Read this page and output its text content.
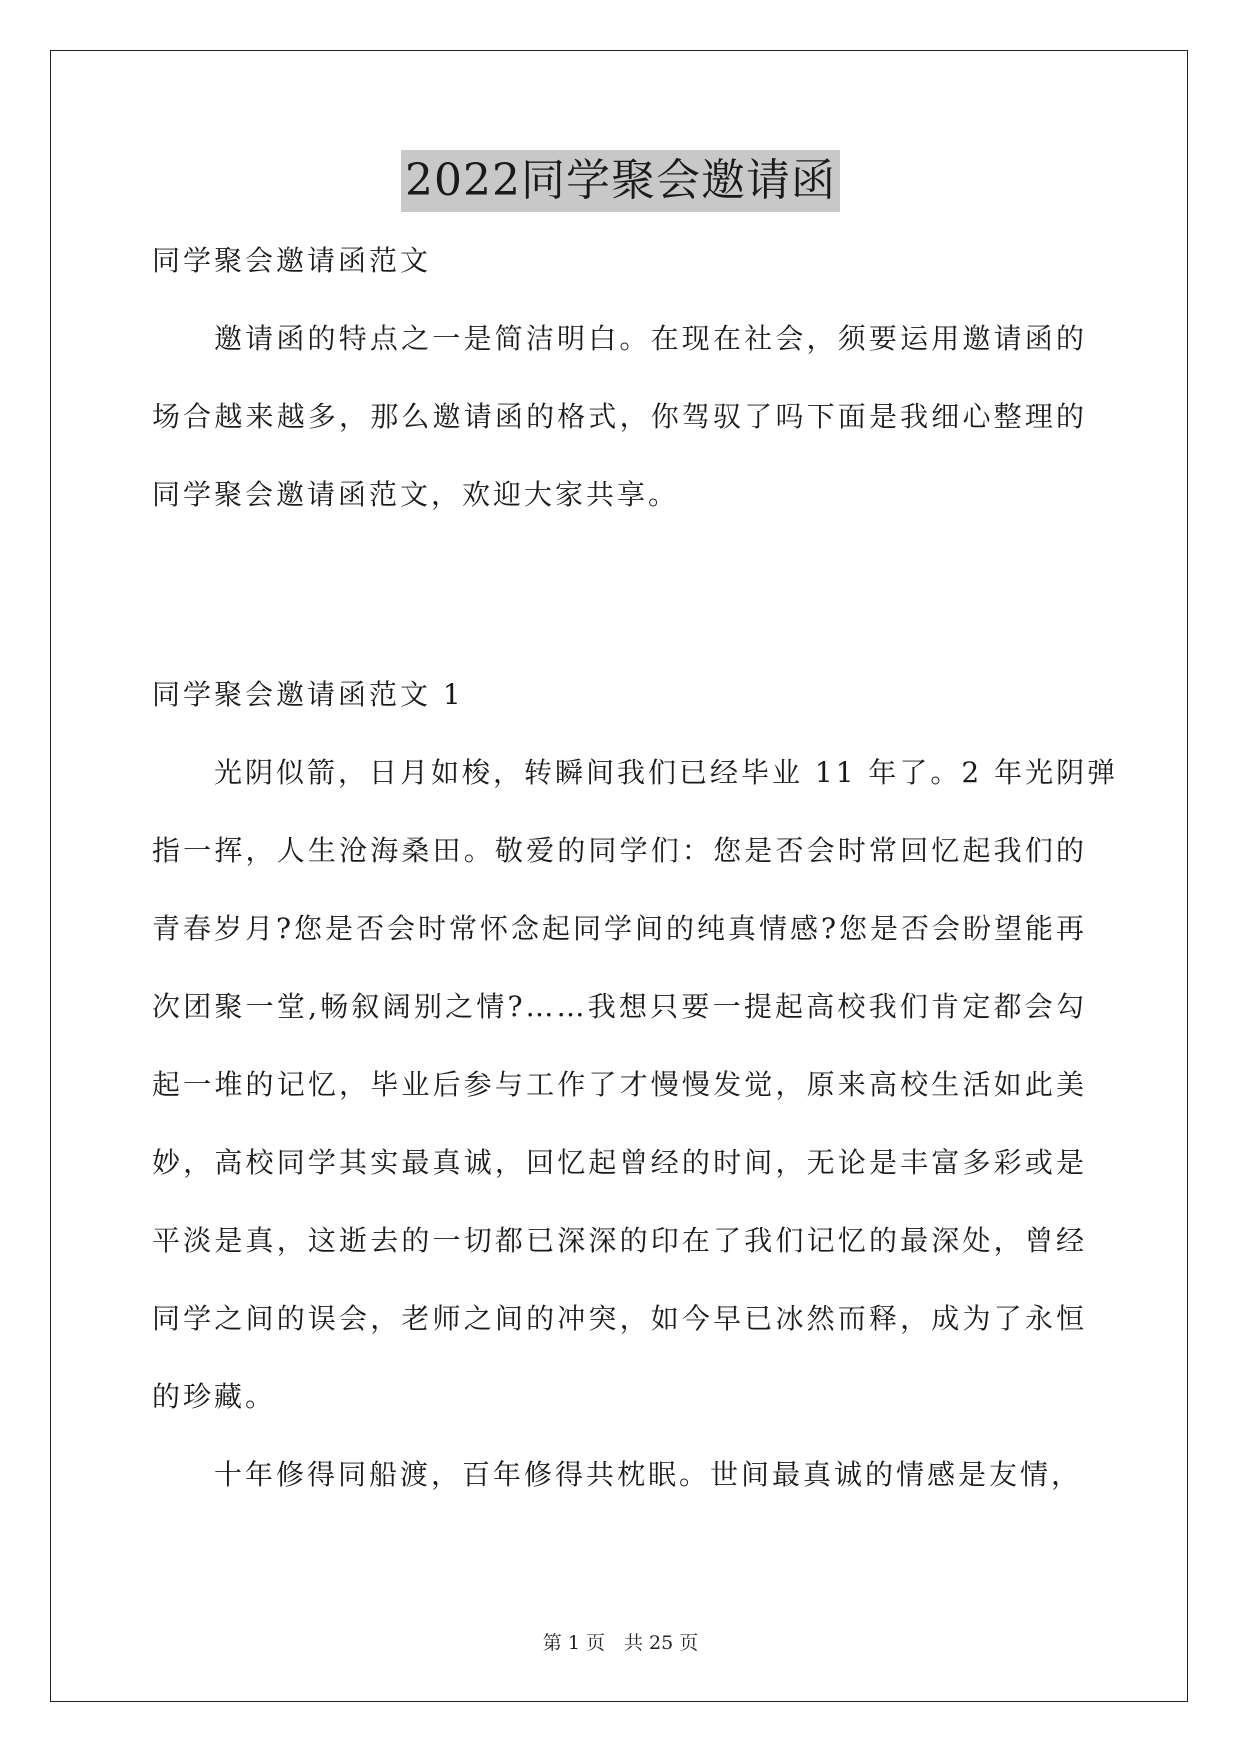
2022同学聚会邀请函
同学聚会邀请函范文
邀请函的特点之一是简洁明白。在现在社会，须要运用邀请函的
场合越来越多，那么邀请函的格式，你驾驭了吗下面是我细心整理的
同学聚会邀请函范文，欢迎大家共享。
同学聚会邀请函范文 1
光阴似箭，日月如梭，转瞬间我们已经毕业 11 年了。2 年光阴弹
指一挥，人生沧海桑田。敬爱的同学们：您是否会时常回忆起我们的
青春岁月?您是否会时常怀念起同学间的纯真情感?您是否会盼望能再
次团聚一堂,畅叙阔别之情?……我想只要一提起高校我们肯定都会勾
起一堆的记忆，毕业后参与工作了才慢慢发觉，原来高校生活如此美
妙，高校同学其实最真诚，回忆起曾经的时间，无论是丰富多彩或是
平淡是真，这逝去的一切都已深深的印在了我们记忆的最深处，曾经
同学之间的误会，老师之间的冲突，如今早已冰然而释，成为了永恒
的珍藏。
十年修得同船渡，百年修得共枕眠。世间最真诚的情感是友情，
第 1 页　共 25 页
